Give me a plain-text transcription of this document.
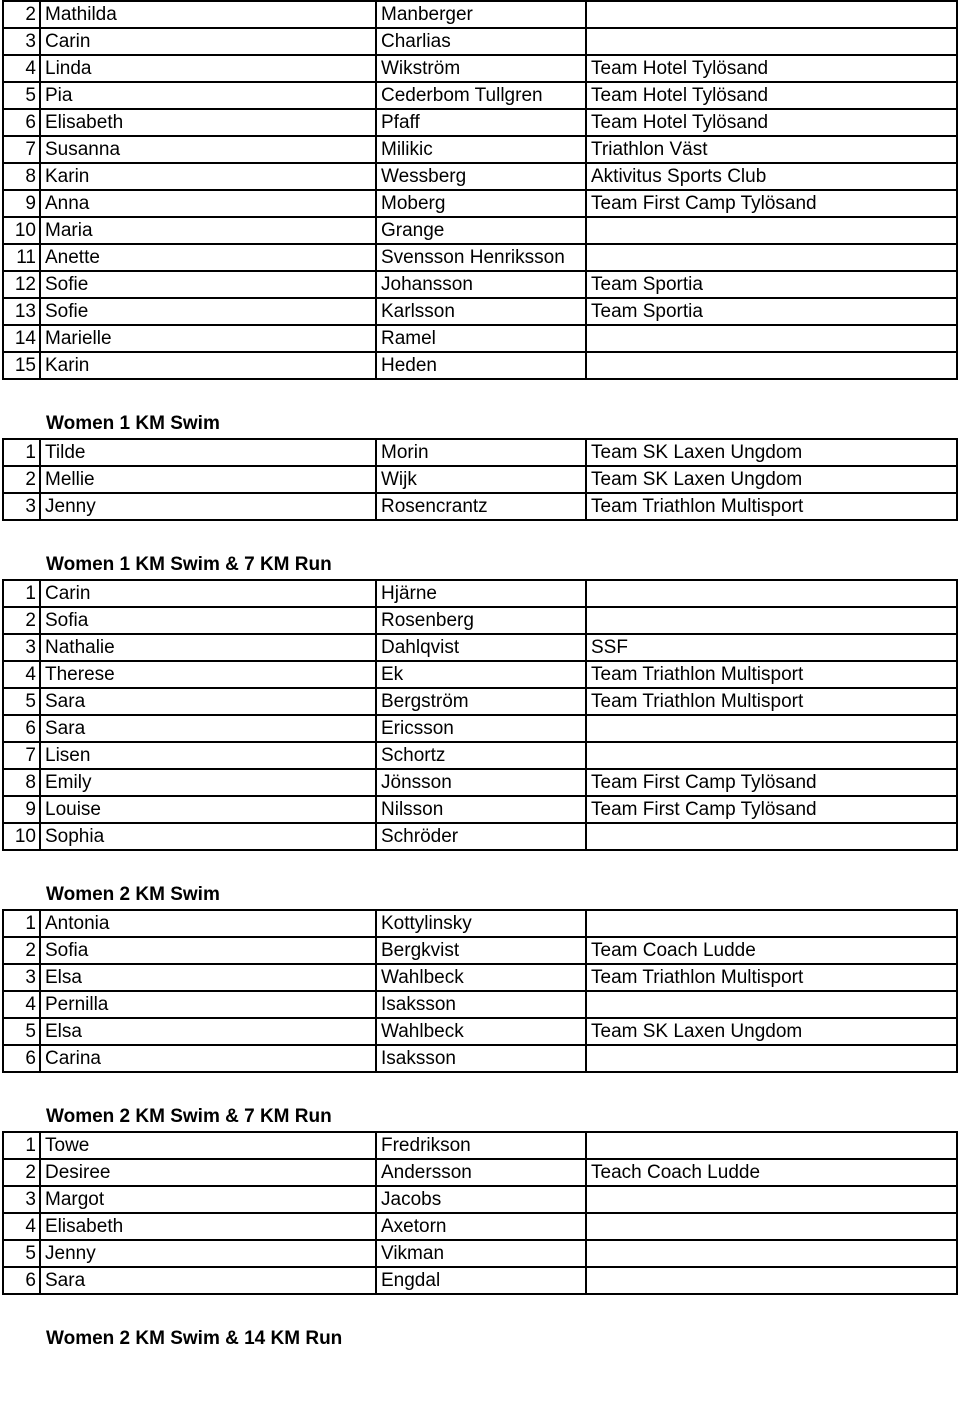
2	Mathilda	Manberger	
3	Carin	Charlias	
4	Linda	Wikström	Team Hotel Tylösand
5	Pia	Cederbom Tullgren	Team Hotel Tylösand
6	Elisabeth	Pfaff	Team Hotel Tylösand
7	Susanna	Milikic	Triathlon Väst
8	Karin	Wessberg	Aktivitus Sports Club
9	Anna	Moberg	Team First Camp Tylösand
10	Maria	Grange	
11	Anette	Svensson Henriksson	
12	Sofie	Johansson	Team Sportia
13	Sofie	Karlsson	Team Sportia
14	Marielle	Ramel	
15	Karin	Heden	
Women 1 KM Swim
1	Tilde	Morin	Team SK Laxen Ungdom
2	Mellie	Wijk	Team SK Laxen Ungdom
3	Jenny	Rosencrantz	Team Triathlon Multisport
Women 1 KM Swim & 7 KM Run
1	Carin	Hjärne	
2	Sofia	Rosenberg	
3	Nathalie	Dahlqvist	SSF
4	Therese	Ek	Team Triathlon Multisport
5	Sara	Bergström	Team Triathlon Multisport
6	Sara	Ericsson	
7	Lisen	Schortz	
8	Emily	Jönsson	Team First Camp Tylösand
9	Louise	Nilsson	Team First Camp Tylösand
10	Sophia	Schröder	
Women 2 KM Swim
1	Antonia	Kottylinsky	
2	Sofia	Bergkvist	Team Coach Ludde
3	Elsa	Wahlbeck	Team Triathlon Multisport
4	Pernilla	Isaksson	
5	Elsa	Wahlbeck	Team SK Laxen Ungdom
6	Carina	Isaksson	
Women 2 KM Swim & 7 KM Run
1	Towe	Fredrikson	
2	Desiree	Andersson	Teach Coach Ludde
3	Margot	Jacobs	
4	Elisabeth	Axetorn	
5	Jenny	Vikman	
6	Sara	Engdal	
Women 2 KM Swim & 14 KM Run
